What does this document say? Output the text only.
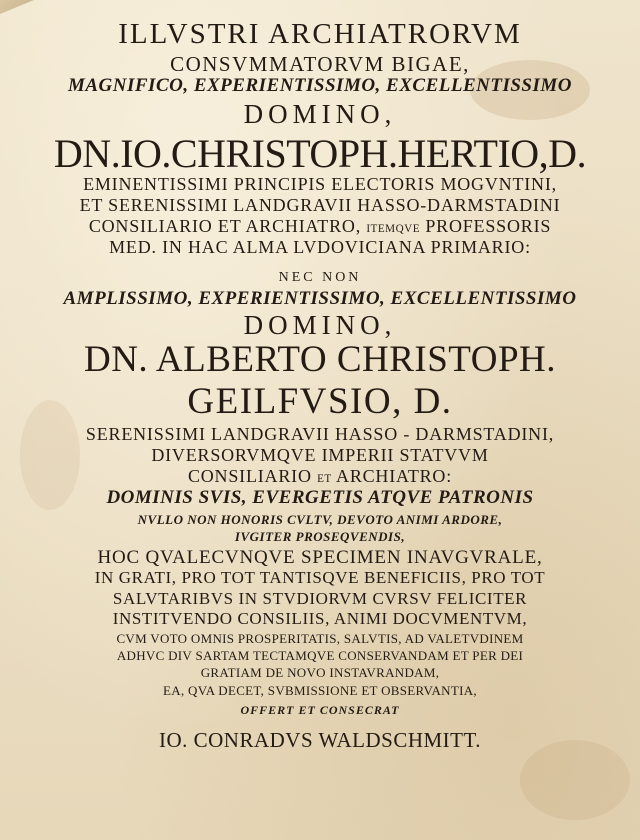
ILLVSTRI ARCHIATRORVM
CONSVMMATORVM BIGAE,
MAGNIFICO, EXPERIENTISSIMO, EXCELLENTISSIMO
DOMINO,
DN.IO.CHRISTOPH.HERTIO,D.
EMINENTISSIMI PRINCIPIS ELECTORIS MOGVNTINI,
ET SERENISSIMI LANDGRAVII HASSO-DARMSTADINI
CONSILIARIO ET ARCHIATRO, ITEMQVE PROFESSORIS
MED. IN HAC ALMA LVDOVICIANA PRIMARIO:
NEC NON
AMPLISSIMO, EXPERIENTISSIMO, EXCELLENTISSIMO
DOMINO,
DN. ALBERTO CHRISTOPH.
GEILFVSIO, D.
SERENISSIMI LANDGRAVII HASSO - DARMSTADINI,
DIVERSORVMQVE IMPERII STATVVM
CONSILIARIO ET ARCHIATRO:
DOMINIS SVIS, EVERGETIS ATQVE PATRONIS
NVLLO NON HONORIS CVLTV, DEVOTO ANIMI ARDORE,
IVGITER PROSEQVENDIS,
HOC QVALECVNQVE SPECIMEN INAVGVRALE,
IN GRATI, PRO TOT TANTISQVE BENEFICIIS, PRO TOT
SALVTARIBVS IN STVDIORVM CVRSV FELICITER
INSTITVENDO CONSILIIS, ANIMI DOCVMENTVM,
CVM VOTO OMNIS PROSPERITATIS, SALVTIS, AD VALETVDINEM
ADHVC DIV SARTAM TECTAMQVE CONSERVANDAM ET PER DEI
GRATIAM DE NOVO INSTAVRANDAM,
EA, QVA DECET, SVBMISSIONE ET OBSERVANTIA,
OFFERT ET CONSECRAT
IO. CONRADVS WALDSCHMITT.
